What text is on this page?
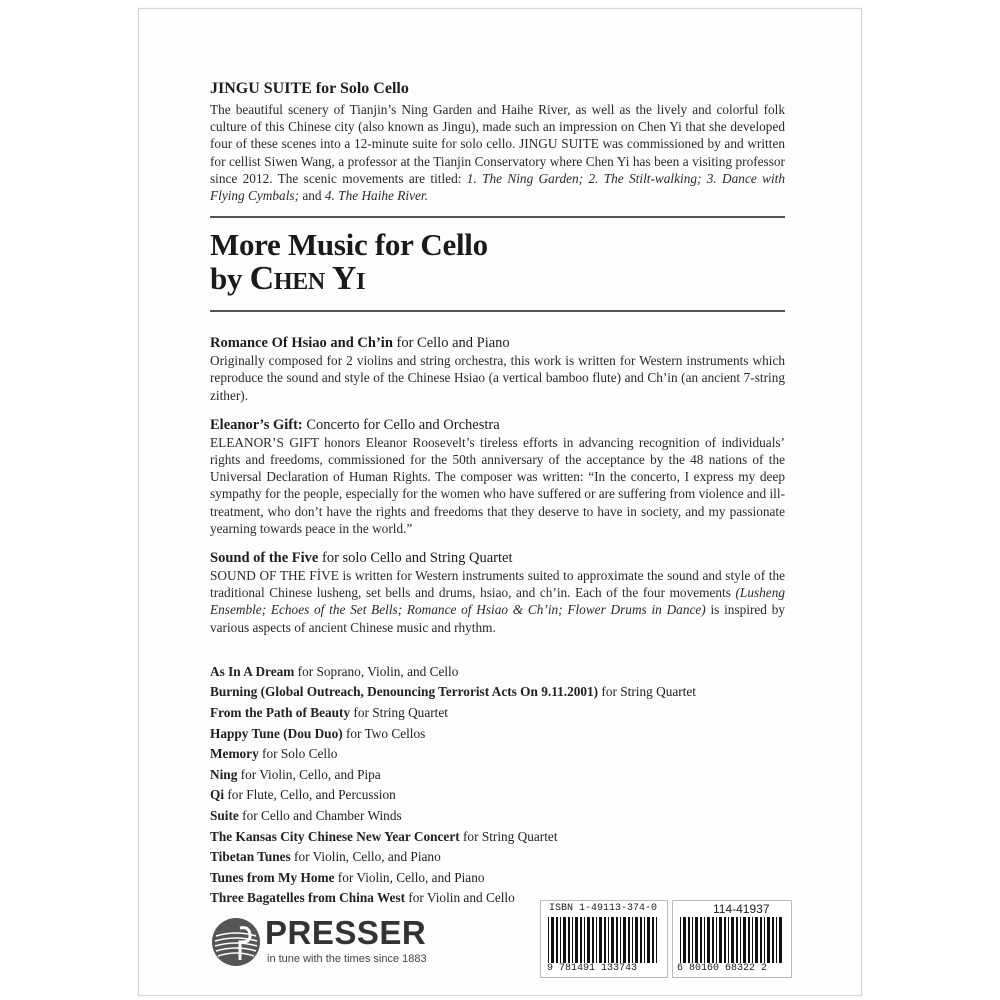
JINGU SUITE for Solo Cello

The beautiful scenery of Tianjin’s Ning Garden and Haihe River, as well as the lively and colorful folk culture of this Chinese city (also known as Jingu), made such an impression on Chen Yi that she developed four of these scenes into a 12-minute suite for solo cello. JINGU SUITE was commissioned by and written for cellist Siwen Wang, a professor at the Tianjin Conservatory where Chen Yi has been a visiting professor since 2012. The scenic movements are titled: 1. The Ning Garden; 2. The Stilt-walking; 3. Dance with Flying Cymbals; and 4. The Haihe River.

More Music for Cello
by Chen Yi
Romance Of Hsiao and Ch’in for Cello and Piano

Originally composed for 2 violins and string orchestra, this work is written for Western instruments which reproduce the sound and style of the Chinese Hsiao (a vertical bamboo flute) and Ch’in (an ancient 7-string zither).

Eleanor’s Gift: Concerto for Cello and Orchestra

ELEANOR’S GIFT honors Eleanor Roosevelt’s tireless efforts in advancing recognition of individuals’ rights and freedoms, commissioned for the 50th anniversary of the acceptance by the 48 nations of the Universal Declaration of Human Rights. The composer was written: “In the concerto, I express my deep sympathy for the people, especially for the women who have suffered or are suffering from violence and ill-treatment, who don’t have the rights and freedoms that they deserve to have in society, and my passionate yearning towards peace in the world.”

Sound of the Five for solo Cello and String Quartet

SOUND OF THE FİVE is written for Western instruments suited to approximate the sound and style of the traditional Chinese lusheng, set bells and drums, hsiao, and ch’in. Each of the four movements (Lusheng Ensemble; Echoes of the Set Bells; Romance of Hsiao & Ch’in; Flower Drums in Dance) is inspired by various aspects of ancient Chinese music and rhythm.

As In A Dream for Soprano, Violin, and Cello
Burning (Global Outreach, Denouncing Terrorist Acts On 9.11.2001) for String Quartet
From the Path of Beauty for String Quartet
Happy Tune (Dou Duo) for Two Cellos
Memory for Solo Cello
Ning for Violin, Cello, and Pipa
Qi for Flute, Cello, and Percussion
Suite for Cello and Chamber Winds
The Kansas City Chinese New Year Concert for String Quartet
Tibetan Tunes for Violin, Cello, and Piano
Tunes from My Home for Violin, Cello, and Piano
Three Bagatelles from China West for Violin and Cello
PRESSER
in tune with the times since 1883
ISBN 1-49113-374-0
9 781491 133743
114-41937
6 80160 68322 2
